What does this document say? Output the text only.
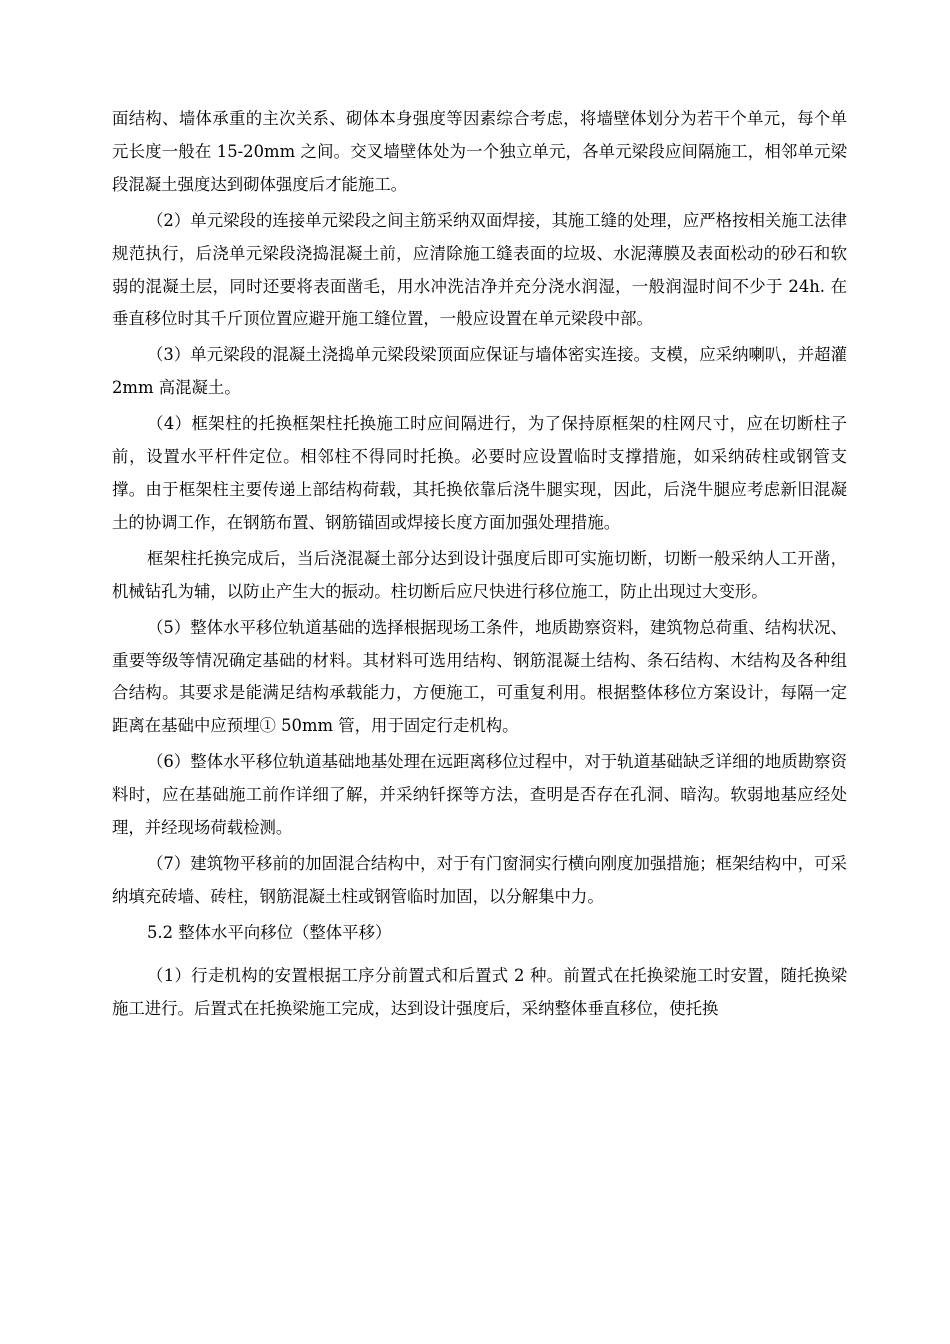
面结构、墙体承重的主次关系、砌体本身强度等因素综合考虑，将墙壁体划分为若干个单元，每个单元长度一般在 15-20mm 之间。交叉墙壁体处为一个独立单元，各单元梁段应间隔施工，相邻单元梁段混凝土强度达到砌体强度后才能施工。

（2）单元梁段的连接单元梁段之间主筋采纳双面焊接，其施工缝的处理，应严格按相关施工法律规范执行，后浇单元梁段浇捣混凝土前，应清除施工缝表面的垃圾、水泥薄膜及表面松动的砂石和软弱的混凝土层，同时还要将表面凿毛，用水冲洗洁净并充分浇水润湿，一般润湿时间不少于 24h. 在垂直移位时其千斤顶位置应避开施工缝位置，一般应设置在单元梁段中部。

（3）单元梁段的混凝土浇捣单元梁段梁顶面应保证与墙体密实连接。支模，应采纳喇叭，并超灌 2mm 高混凝土。

（4）框架柱的托换框架柱托换施工时应间隔进行，为了保持原框架的柱网尺寸，应在切断柱子前，设置水平杆件定位。相邻柱不得同时托换。必要时应设置临时支撑措施，如采纳砖柱或钢管支撑。由于框架柱主要传递上部结构荷载，其托换依靠后浇牛腿实现，因此，后浇牛腿应考虑新旧混凝土的协调工作，在钢筋布置、钢筋锚固或焊接长度方面加强处理措施。

框架柱托换完成后，当后浇混凝土部分达到设计强度后即可实施切断，切断一般采纳人工开凿，机械钻孔为辅，以防止产生大的振动。柱切断后应尺快进行移位施工，防止出现过大变形。

（5）整体水平移位轨道基础的选择根据现场工条件，地质勘察资料，建筑物总荷重、结构状况、重要等级等情况确定基础的材料。其材料可选用结构、钢筋混凝土结构、条石结构、木结构及各种组合结构。其要求是能满足结构承载能力，方便施工，可重复利用。根据整体移位方案设计，每隔一定距离在基础中应预埋① 50mm 管，用于固定行走机构。

（6）整体水平移位轨道基础地基处理在远距离移位过程中，对于轨道基础缺乏详细的地质勘察资料时，应在基础施工前作详细了解，并采纳钎探等方法，查明是否存在孔洞、暗沟。软弱地基应经处理，并经现场荷载检测。

（7）建筑物平移前的加固混合结构中，对于有门窗洞实行横向刚度加强措施；框架结构中，可采纳填充砖墙、砖柱，钢筋混凝土柱或钢管临时加固，以分解集中力。

5.2 整体水平向移位（整体平移）

（1）行走机构的安置根据工序分前置式和后置式 2 种。前置式在托换梁施工时安置，随托换梁施工进行。后置式在托换梁施工完成，达到设计强度后，采纳整体垂直移位，使托换
